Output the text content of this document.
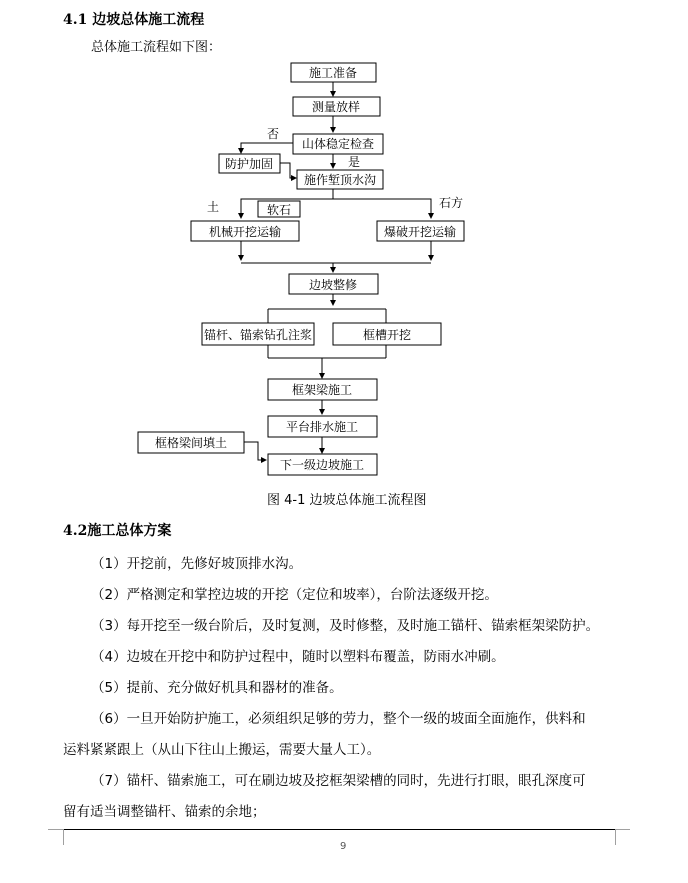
4.1 边坡总体施工流程
总体施工流程如下图：
施工准备
测量放样
山体稳定检查
防护加固
施作堑顶水沟
否
是
土	软石	石方
机械开挖运输	爆破开挖运输
边坡整修
锚杆、锚索钻孔注浆	框槽开挖
框架梁施工
平台排水施工
框格梁间填土
下一级边坡施工
图 4-1 边坡总体施工流程图
4.2施工总体方案
（1）开挖前，先修好坡顶排水沟。
（2）严格测定和掌控边坡的开挖（定位和坡率），台阶法逐级开挖。
（3）每开挖至一级台阶后，及时复测，及时修整，及时施工锚杆、锚索框架梁防护。
（4）边坡在开挖中和防护过程中，随时以塑料布覆盖，防雨水冲刷。
（5）提前、充分做好机具和器材的准备。
（6）一旦开始防护施工，必须组织足够的劳力，整个一级的坡面全面施作，供料和
运料紧紧跟上（从山下往山上搬运，需要大量人工）。
（7）锚杆、锚索施工，可在刷边坡及挖框架梁槽的同时，先进行打眼，眼孔深度可
留有适当调整锚杆、锚索的余地；
9
